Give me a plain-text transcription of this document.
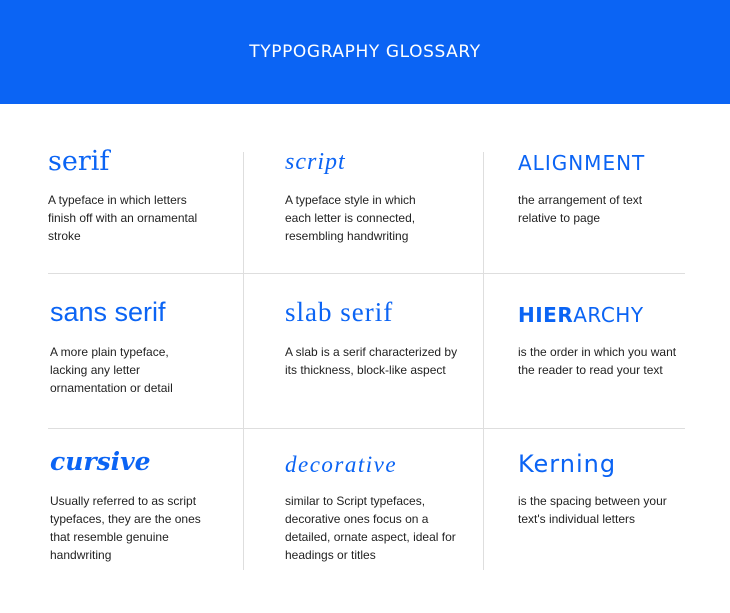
TYPPOGRAPHY GLOSSARY
serif
A typeface in which letters finish off with an ornamental stroke
script
A typeface style in which each letter is connected, resembling handwriting
ALIGNMENT
the arrangement of text relative to page
sans serif
A more plain typeface, lacking any letter ornamentation or detail
slab serif
A slab is a serif characterized by its thickness, block-like aspect
HIERARCHY
is the order in which you want the reader to read your text
cursive
Usually referred to as script typefaces, they are the ones that resemble genuine handwriting
decorative
similar to Script typefaces, decorative ones focus on a detailed, ornate aspect, ideal for headings or titles
Kerning
is the spacing between your text's individual letters
